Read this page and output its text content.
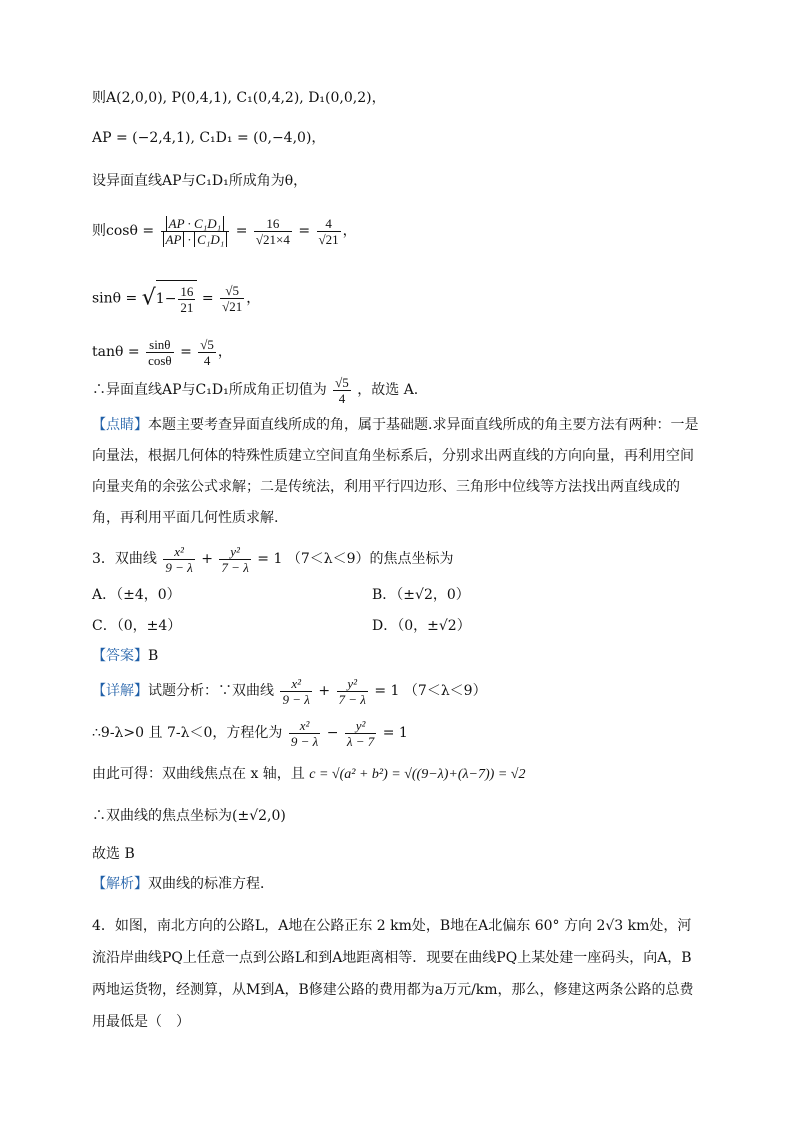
则A(2,0,0), P(0,4,1), C₁(0,4,2), D₁(0,0,2)，
AP = (−2,4,1), C₁D₁ = (0,−4,0)，
设异面直线AP与C₁D₁所成角为θ，
则$\cos\theta = \frac{\text{AP · C₁D₁}}{\text{AP · C₁D₁}} = \frac{16}{√21\times 4} = \frac{4}{√21}$ ，
$\sin\theta = √1- \frac{16}{21} = \frac{√5}{√21}$ ，
$\tan\theta = \frac{\sin\theta}{\cos\theta} = \frac{√5}{4}$ ，
∴异面直线AP与C₁D₁所成角正切值为 $\frac{√5}{4}$ ，故选 A.
【点睛】本题主要考查异面直线所成的角，属于基础题.求异面直线所成的角主要方法有两种：一是向量法，根据几何体的特殊性质建立空间直角坐标系后，分别求出两直线的方向向量，再利用空间向量夹角的余弦公式求解；二是传统法，利用平行四边形、三角形中位线等方法找出两直线成的角，再利用平面几何性质求解.
3．双曲线 $\frac{\text{x²}}{9 - \lambda} + \frac{\text{y²}}{7 - \lambda} = 1$ （7＜λ＜9）的焦点坐标为
A．（±4，0）	B．（±√2，0）
C．（0，±4）	D．（0，±√2）
【答案】B
【详解】试题分析：∵双曲线 $\frac{\text{x²}}{9 - \lambda} + \frac{\text{y²}}{7 - \lambda} = 1$ （7＜λ＜9）
∴9-λ>0 且 7-λ＜0，方程化为 $\frac{\text{x²}}{9 - \lambda} - \frac{\text{y²}}{\lambda - 7} = 1$
由此可得：双曲线焦点在 x 轴，且 c = √(a² + b²) = √((9−λ)+(λ−7)) = √2
∴双曲线的焦点坐标为(±√2,0)
故选 B
【解析】双曲线的标准方程．
4．如图，南北方向的公路L，A地在公路正东 2 km处，B地在A北偏东 60° 方向 2√3 km处，河流沿岸曲线PQ上任意一点到公路L和到A地距离相等．现要在曲线PQ上某处建一座码头，向A，B两地运货物，经测算，从M到A，B修建公路的费用都为a万元/km，那么，修建这两条公路的总费用最低是（　）
